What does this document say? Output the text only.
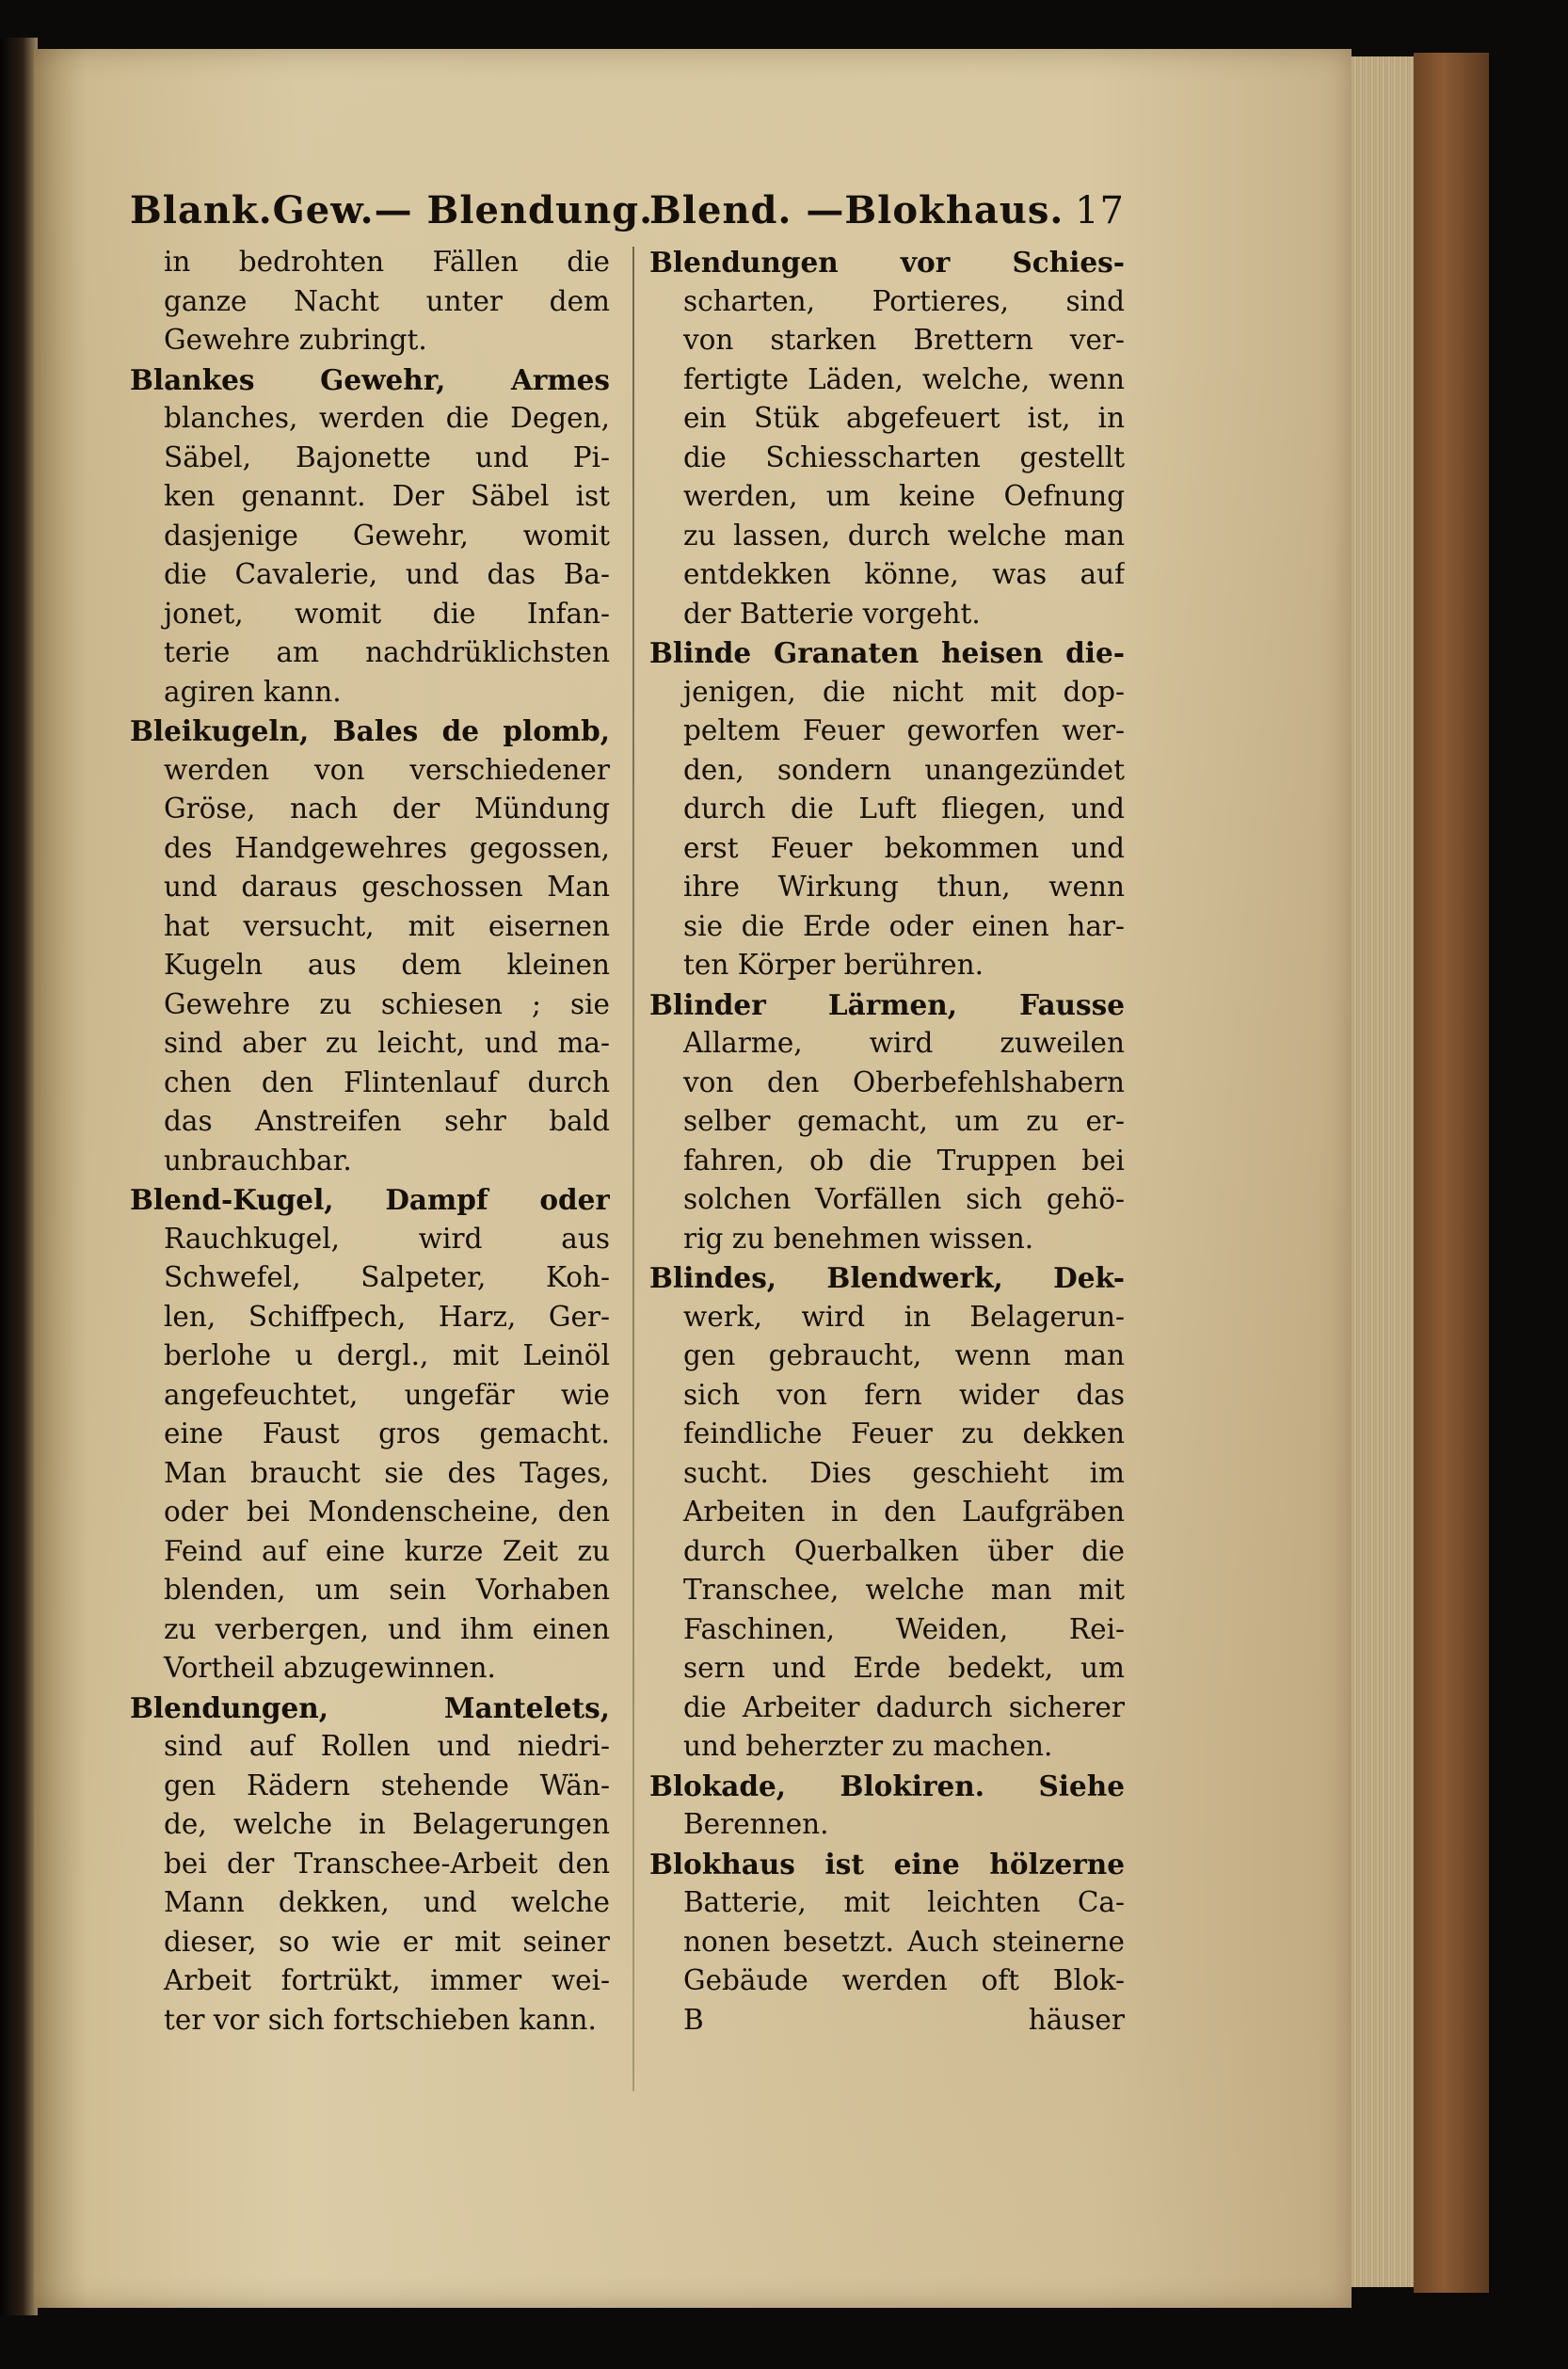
Blank.Gew.— Blendung.
in bedrohten Fällen die
ganze Nacht unter dem
Gewehre zubringt.
Blankes Gewehr, Armes
blanches, werden die Degen,
Säbel, Bajonette und Pi-
ken genannt. Der Säbel ist
dasjenige Gewehr, womit
die Cavalerie, und das Ba-
jonet, womit die Infan-
terie am nachdrüklichsten
agiren kann.
Bleikugeln, Bales de plomb,
werden von verschiedener
Gröse, nach der Mündung
des Handgewehres gegossen,
und daraus geschossen Man
hat versucht, mit eisernen
Kugeln aus dem kleinen
Gewehre zu schiesen ; sie
sind aber zu leicht, und ma-
chen den Flintenlauf durch
das Anstreifen sehr bald
unbrauchbar.
Blend-Kugel, Dampf oder
Rauchkugel, wird aus
Schwefel, Salpeter, Koh-
len, Schiffpech, Harz, Ger-
berlohe u dergl., mit Leinöl
angefeuchtet, ungefär wie
eine Faust gros gemacht.
Man braucht sie des Tages,
oder bei Mondenscheine, den
Feind auf eine kurze Zeit zu
blenden, um sein Vorhaben
zu verbergen, und ihm einen
Vortheil abzugewinnen.
Blendungen, Mantelets,
sind auf Rollen und niedri-
gen Rädern stehende Wän-
de, welche in Belagerungen
bei der Transchee-Arbeit den
Mann dekken, und welche
dieser, so wie er mit seiner
Arbeit fortrükt, immer wei-
ter vor sich fortschieben kann.
Blend. —Blokhaus. 17
Blendungen vor Schies-
scharten, Portieres, sind
von starken Brettern ver-
fertigte Läden, welche, wenn
ein Stük abgefeuert ist, in
die Schiesscharten gestellt
werden, um keine Oefnung
zu lassen, durch welche man
entdekken könne, was auf
der Batterie vorgeht.
Blinde Granaten heisen die-
jenigen, die nicht mit dop-
peltem Feuer geworfen wer-
den, sondern unangezündet
durch die Luft fliegen, und
erst Feuer bekommen und
ihre Wirkung thun, wenn
sie die Erde oder einen har-
ten Körper berühren.
Blinder Lärmen, Fausse
Allarme, wird zuweilen
von den Oberbefehlshabern
selber gemacht, um zu er-
fahren, ob die Truppen bei
solchen Vorfällen sich gehö-
rig zu benehmen wissen.
Blindes, Blendwerk, Dek-
werk, wird in Belagerun-
gen gebraucht, wenn man
sich von fern wider das
feindliche Feuer zu dekken
sucht. Dies geschieht im
Arbeiten in den Laufgräben
durch Querbalken über die
Transchee, welche man mit
Faschinen, Weiden, Rei-
sern und Erde bedekt, um
die Arbeiter dadurch sicherer
und beherzter zu machen.
Blokade, Blokiren. Siehe
Berennen.
Blokhaus ist eine hölzerne
Batterie, mit leichten Ca-
nonen besetzt. Auch steinerne
Gebäude werden oft Blok-
B häuser
